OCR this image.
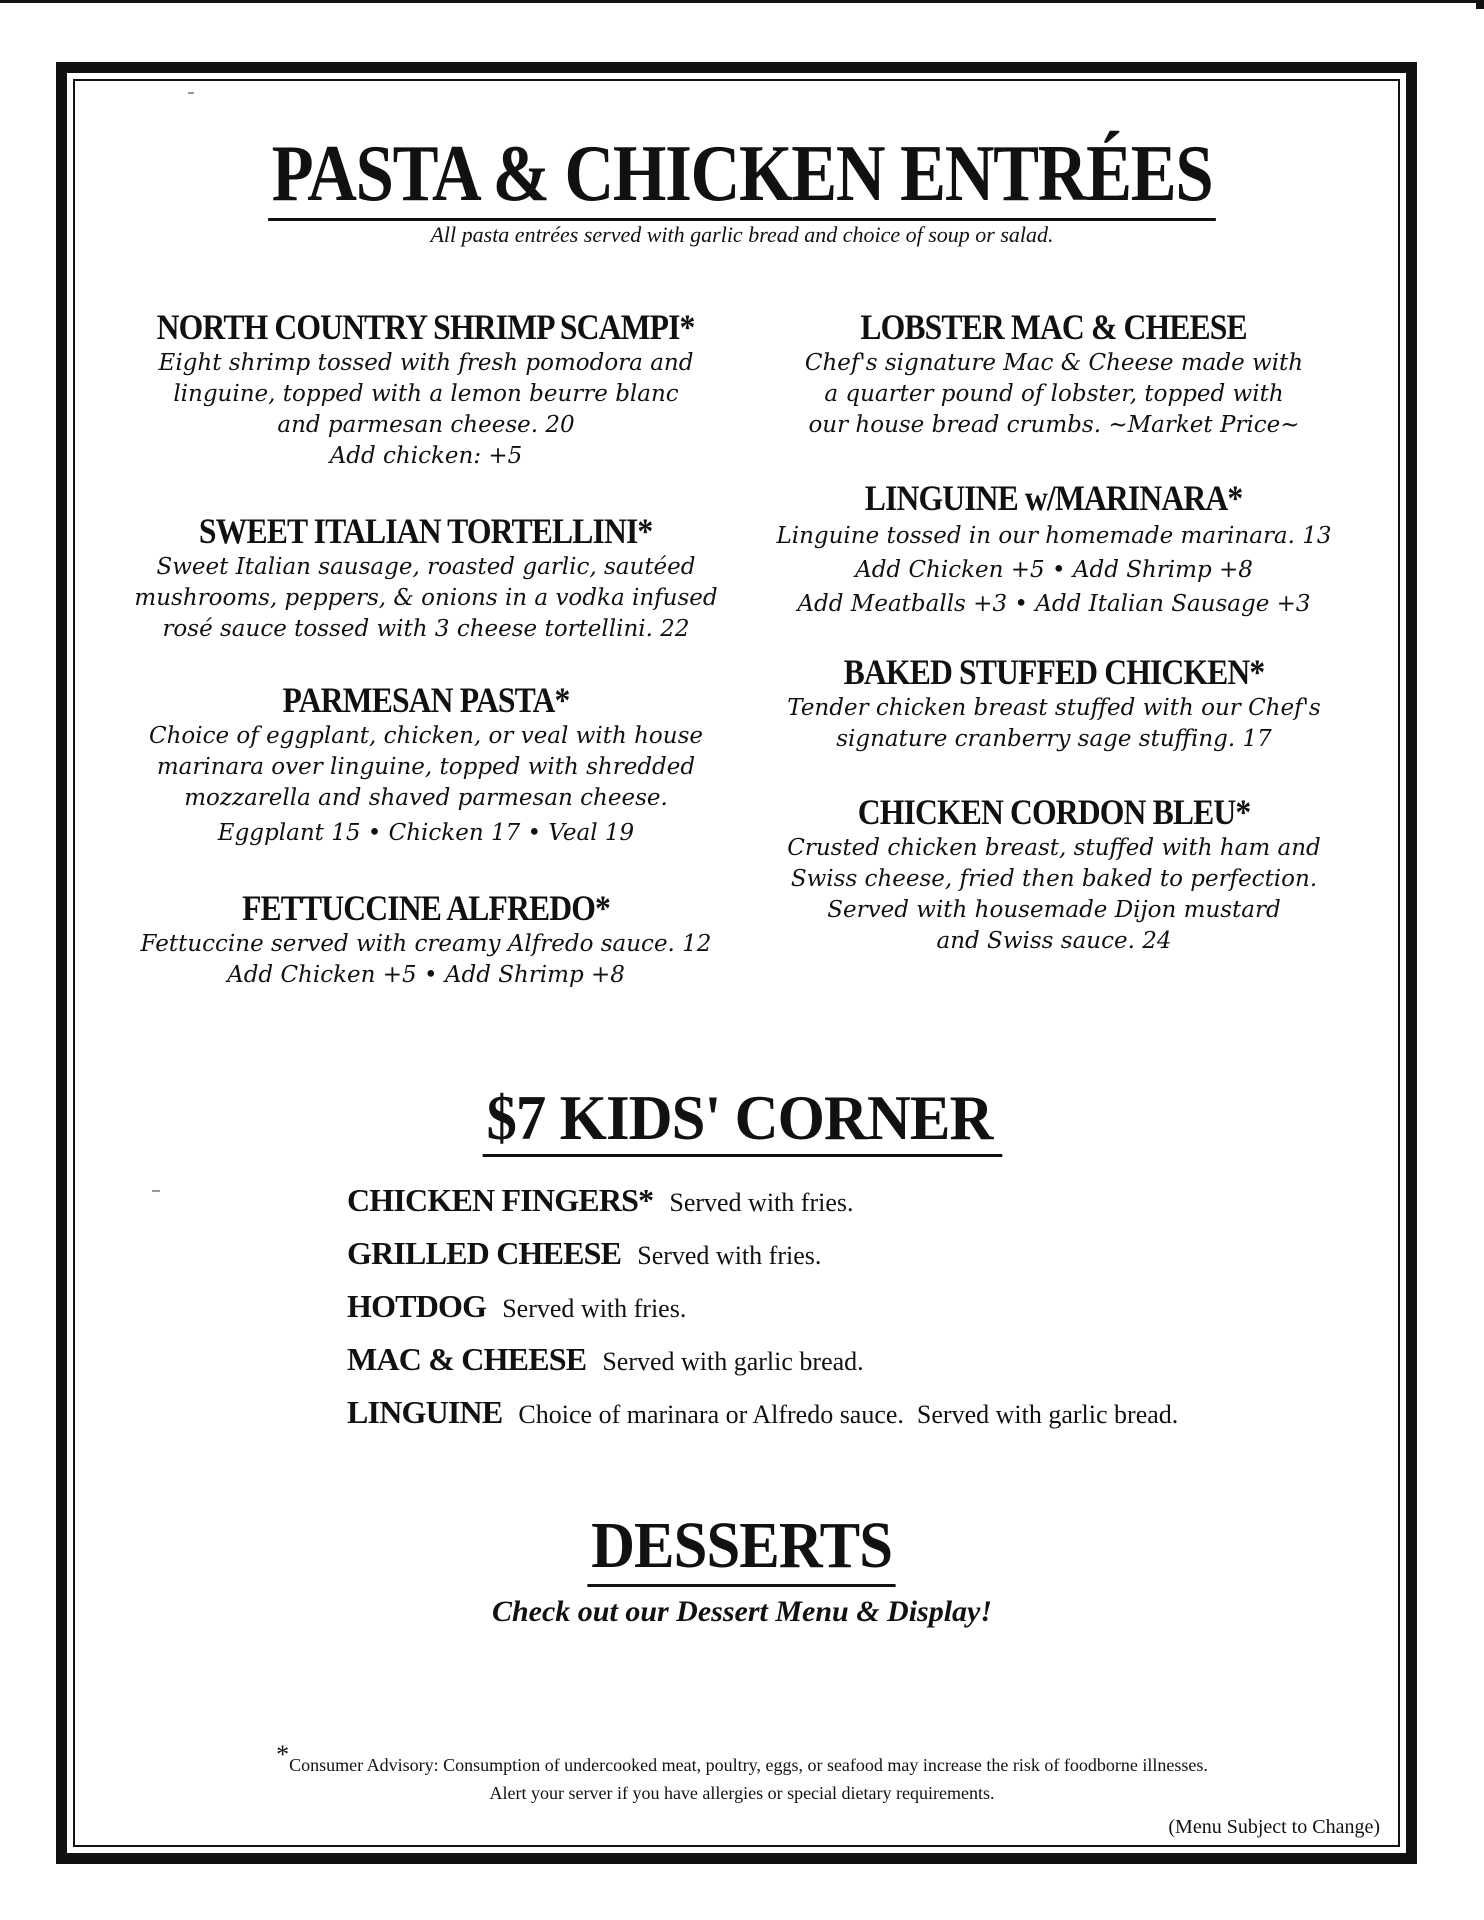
PASTA & CHICKEN ENTRÉES
All pasta entrées served with garlic bread and choice of soup or salad.
NORTH COUNTRY SHRIMP SCAMPI*
Eight shrimp tossed with fresh pomodora and
linguine, topped with a lemon beurre blanc
and parmesan cheese. 20
Add chicken: +5
SWEET ITALIAN TORTELLINI*
Sweet Italian sausage, roasted garlic, sautéed
mushrooms, peppers, & onions in a vodka infused
rosé sauce tossed with 3 cheese tortellini. 22
PARMESAN PASTA*
Choice of eggplant, chicken, or veal with house
marinara over linguine, topped with shredded
mozzarella and shaved parmesan cheese.
Eggplant 15 • Chicken 17 • Veal 19
FETTUCCINE ALFREDO*
Fettuccine served with creamy Alfredo sauce. 12
Add Chicken +5 • Add Shrimp +8
LOBSTER MAC & CHEESE
Chef's signature Mac & Cheese made with
a quarter pound of lobster, topped with
our house bread crumbs. ~Market Price~
LINGUINE w/MARINARA*
Linguine tossed in our homemade marinara. 13
Add Chicken +5 • Add Shrimp +8
Add Meatballs +3 • Add Italian Sausage +3
BAKED STUFFED CHICKEN*
Tender chicken breast stuffed with our Chef's
signature cranberry sage stuffing. 17
CHICKEN CORDON BLEU*
Crusted chicken breast, stuffed with ham and
Swiss cheese, fried then baked to perfection.
Served with housemade Dijon mustard
and Swiss sauce. 24
$7 KIDS' CORNER
CHICKEN FINGERS* Served with fries.
GRILLED CHEESE Served with fries.
HOTDOG Served with fries.
MAC & CHEESE Served with garlic bread.
LINGUINE Choice of marinara or Alfredo sauce.  Served with garlic bread.
DESSERTS
Check out our Dessert Menu & Display!
*Consumer Advisory: Consumption of undercooked meat, poultry, eggs, or seafood may increase the risk of foodborne illnesses.
Alert your server if you have allergies or special dietary requirements.
(Menu Subject to Change)
